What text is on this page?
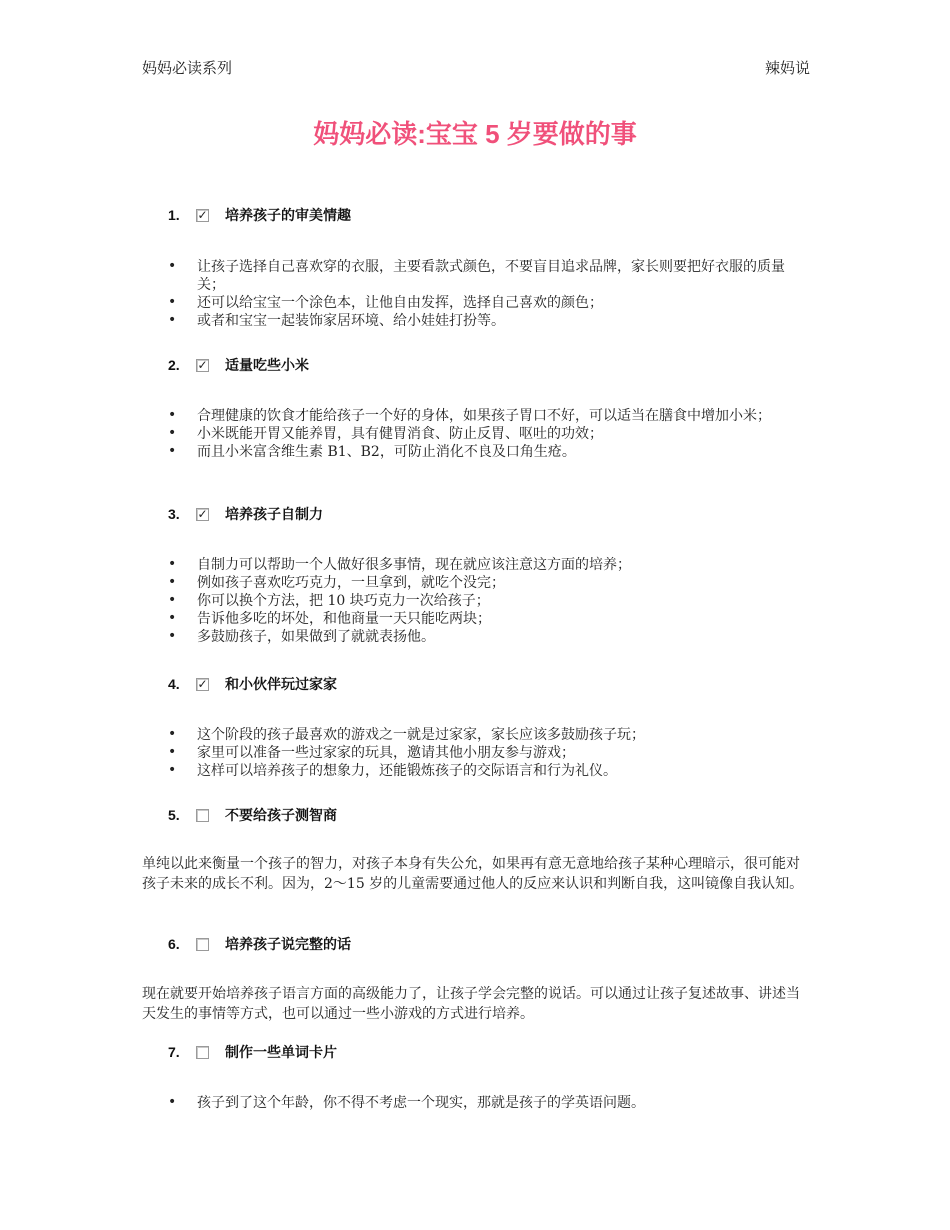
妈妈必读系列	辣妈说
妈妈必读:宝宝 5 岁要做的事
1.	✓ 培养孩子的审美情趣
• 让孩子选择自己喜欢穿的衣服，主要看款式颜色，不要盲目追求品牌，家长则要把好衣服的质量关；
• 还可以给宝宝一个涂色本，让他自由发挥，选择自己喜欢的颜色；
• 或者和宝宝一起装饰家居环境、给小娃娃打扮等。
2.	✓ 适量吃些小米
• 合理健康的饮食才能给孩子一个好的身体，如果孩子胃口不好，可以适当在膳食中增加小米；
• 小米既能开胃又能养胃，具有健胃消食、防止反胃、呕吐的功效；
• 而且小米富含维生素 B1、B2，可防止消化不良及口角生疮。
3.	✓ 培养孩子自制力
• 自制力可以帮助一个人做好很多事情，现在就应该注意这方面的培养；
• 例如孩子喜欢吃巧克力，一旦拿到，就吃个没完；
• 你可以换个方法，把 10 块巧克力一次给孩子；
• 告诉他多吃的坏处，和他商量一天只能吃两块；
• 多鼓励孩子，如果做到了就就表扬他。
4.	✓ 和小伙伴玩过家家
• 这个阶段的孩子最喜欢的游戏之一就是过家家，家长应该多鼓励孩子玩；
• 家里可以准备一些过家家的玩具，邀请其他小朋友参与游戏；
• 这样可以培养孩子的想象力，还能锻炼孩子的交际语言和行为礼仪。
5.	不要给孩子测智商

单纯以此来衡量一个孩子的智力，对孩子本身有失公允，如果再有意无意地给孩子某种心理暗示，很可能对孩子未来的成长不利。因为，2～15 岁的儿童需要通过他人的反应来认识和判断自我，这叫镜像自我认知。

6.	培养孩子说完整的话

现在就要开始培养孩子语言方面的高级能力了，让孩子学会完整的说话。可以通过让孩子复述故事、讲述当天发生的事情等方式，也可以通过一些小游戏的方式进行培养。

7.	制作一些单词卡片
• 孩子到了这个年龄，你不得不考虑一个现实，那就是孩子的学英语问题。
